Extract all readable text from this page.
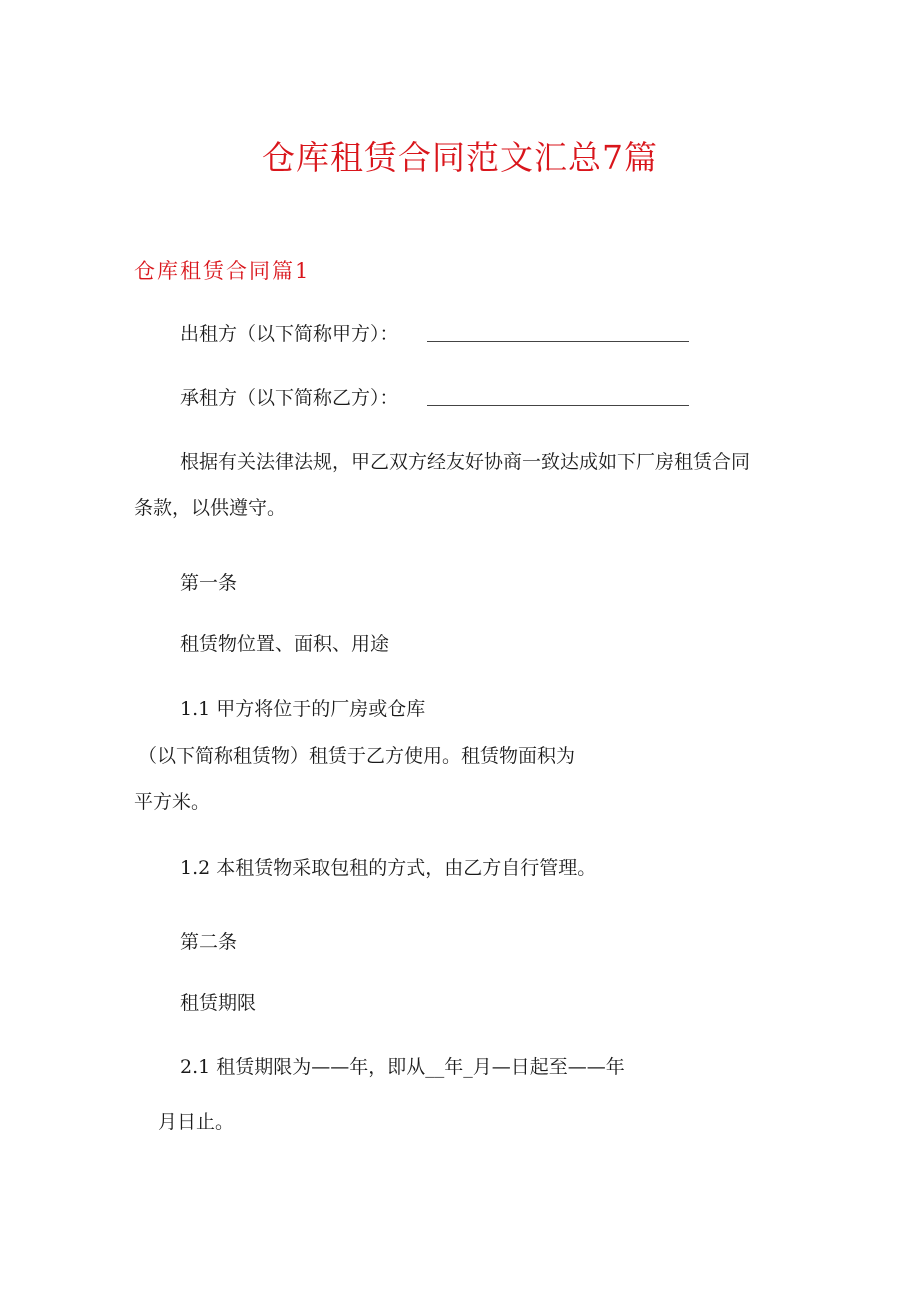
仓库租赁合同范文汇总7篇
仓库租赁合同篇1
出租方（以下简称甲方）：
承租方（以下简称乙方）：
根据有关法律法规，甲乙双方经友好协商一致达成如下厂房租赁合同
条款，以供遵守。
第一条
租赁物位置、面积、用途
1.1 甲方将位于的厂房或仓库
（以下简称租赁物）租赁于乙方使用。租赁物面积为
平方米。
1.2 本租赁物采取包租的方式，由乙方自行管理。
第二条
租赁期限
2.1 租赁期限为——年，即从__年_月—日起至——年
月日止。
